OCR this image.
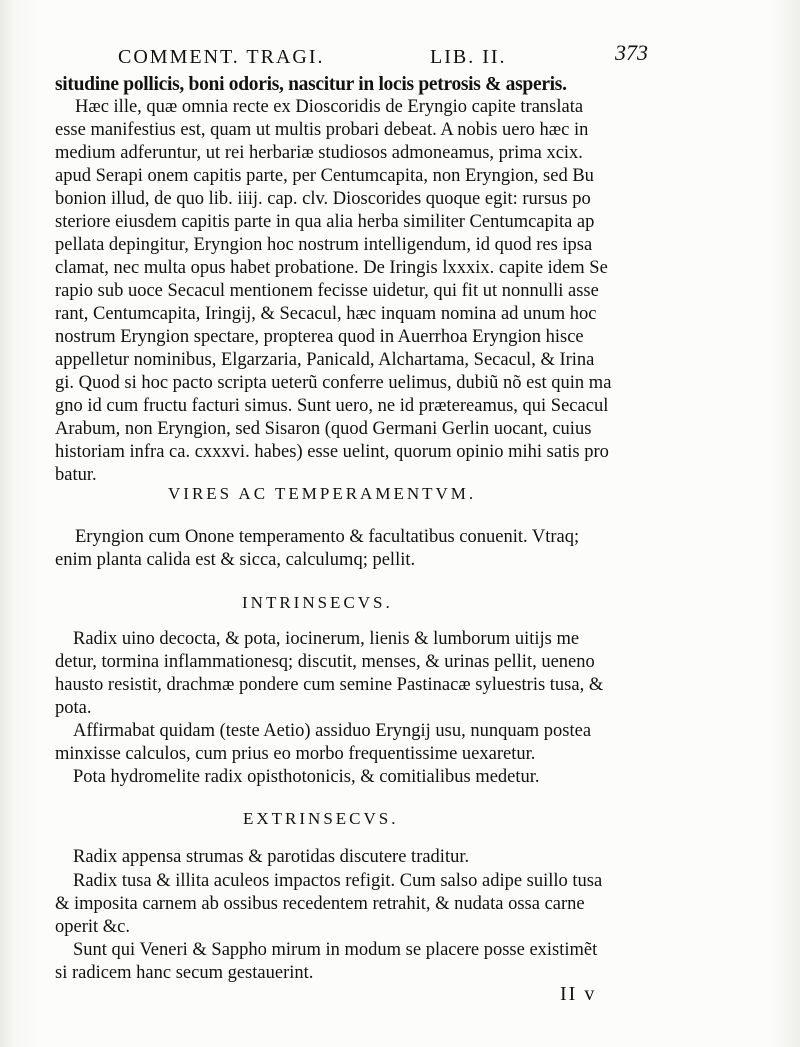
COMMENT. TRAGI.	LIB. II.	373
situdine pollicis, boni odoris, nascitur in locis petrosis & asperis.
Hæc ille, quæ omnia recte ex Dioscoridis de Eryngio capite translata
esse manifestius est, quam ut multis probari debeat. A nobis uero hæc in
medium adferuntur, ut rei herbariæ studiosos admoneamus, prima xcix.
apud Serapi onem capitis parte, per Centumcapita, non Eryngion, sed Bu
bonion illud, de quo lib. iiij. cap. clv. Dioscorides quoque egit: rursus po
steriore eiusdem capitis parte in qua alia herba similiter Centumcapita ap
pellata depingitur, Eryngion hoc nostrum intelligendum, id quod res ipsa
clamat, nec multa opus habet probatione. De Iringis lxxxix. capite idem Se
rapio sub uoce Secacul mentionem fecisse uidetur, qui fit ut nonnulli asse
rant, Centumcapita, Iringij, & Secacul, hæc inquam nomina ad unum hoc
nostrum Eryngion spectare, propterea quod in Auerrhoa Eryngion hisce
appelletur nominibus, Elgarzaria, Panicald, Alchartama, Secacul, & Irina
gi. Quod si hoc pacto scripta ueterũ conferre uelimus, dubiũ nõ est quin ma
gno id cum fructu facturi simus. Sunt uero, ne id prætereamus, qui Secacul
Arabum, non Eryngion, sed Sisaron (quod Germani Gerlin uocant, cuius
historiam infra ca. cxxxvi. habes) esse uelint, quorum opinio mihi satis pro
batur.
VIRES AC TEMPERAMENTVM.
Eryngion cum Onone temperamento & facultatibus conuenit. Vtraq;
enim planta calida est & sicca, calculumq; pellit.
INTRINSECVS.
Radix uino decocta, & pota, iocinerum, lienis & lumborum uitijs me
detur, tormina inflammationesq; discutit, menses, & urinas pellit, ueneno
hausto resistit, drachmæ pondere cum semine Pastinacæ syluestris tusa, &
pota.
Affirmabat quidam (teste Aetio) assiduo Eryngij usu, nunquam postea
minxisse calculos, cum prius eo morbo frequentissime uexaretur.
Pota hydromelite radix opisthotonicis, & comitialibus medetur.
EXTRINSECVS.
Radix appensa strumas & parotidas discutere traditur.
Radix tusa & illita aculeos impactos refigit. Cum salso adipe suillo tusa
& imposita carnem ab ossibus recedentem retrahit, & nudata ossa carne
operit &c.
Sunt qui Veneri & Sappho mirum in modum se placere posse existimẽt
si radicem hanc secum gestauerint.
II v
